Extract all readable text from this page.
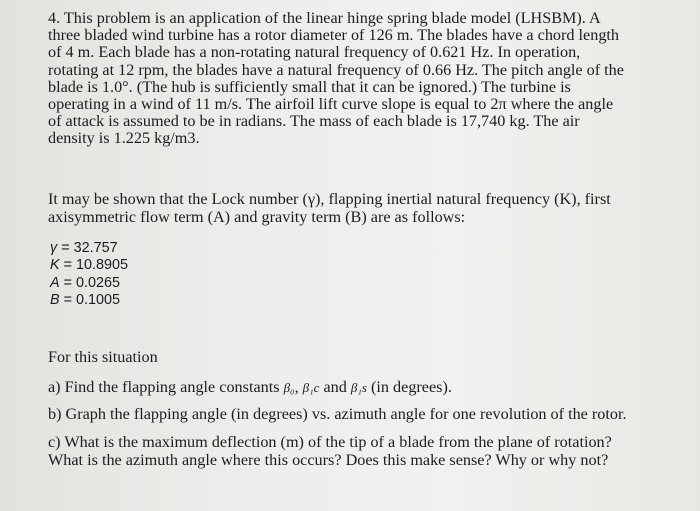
4. This problem is an application of the linear hinge spring blade model (LHSBM). A
three bladed wind turbine has a rotor diameter of 126 m. The blades have a chord length
of 4 m. Each blade has a non-rotating natural frequency of 0.621 Hz. In operation,
rotating at 12 rpm, the blades have a natural frequency of 0.66 Hz. The pitch angle of the
blade is 1.0°. (The hub is sufficiently small that it can be ignored.) The turbine is
operating in a wind of 11 m/s. The airfoil lift curve slope is equal to 2π where the angle
of attack is assumed to be in radians. The mass of each blade is 17,740 kg. The air
density is 1.225 kg/m3.
It may be shown that the Lock number (γ), flapping inertial natural frequency (K), first
axisymmetric flow term (A) and gravity term (B) are as follows:
γ = 32.757
K = 10.8905
A = 0.0265
B = 0.1005
For this situation
a) Find the flapping angle constants β₀, β₁c and β₁s (in degrees).
b) Graph the flapping angle (in degrees) vs. azimuth angle for one revolution of the rotor.
c) What is the maximum deflection (m) of the tip of a blade from the plane of rotation?
What is the azimuth angle where this occurs? Does this make sense? Why or why not?
